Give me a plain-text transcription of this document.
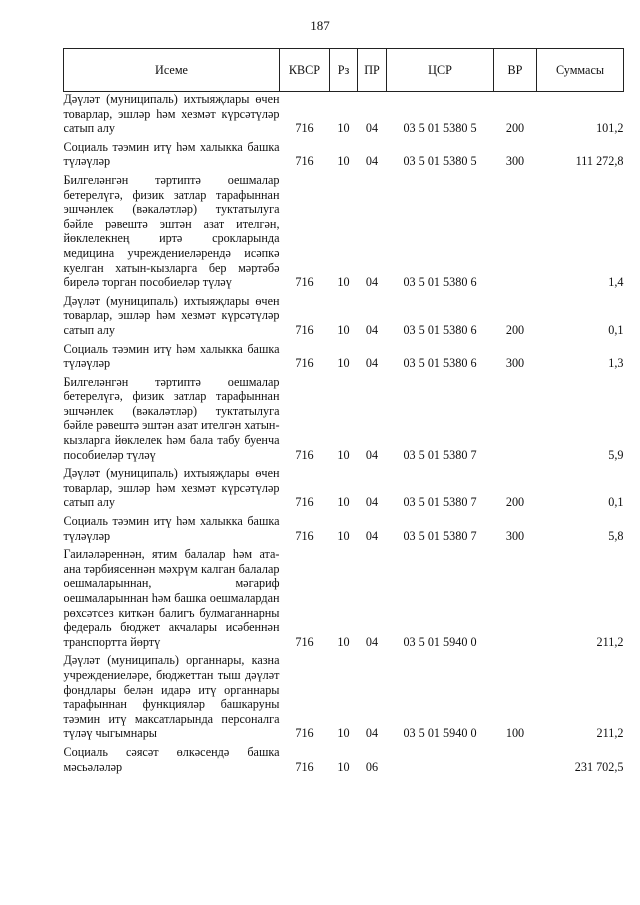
187
Исеме	КВСР	Рз	ПР	ЦСР	ВР	Суммасы
Дәүләт (муниципаль) ихтыяҗлары өчен товарлар, эшләр һәм хезмәт күрсәтүләр сатып алу	716	10	04	03 5 01 5380 5	200	101,2
Социаль тәэмин итү һәм халыкка башка түләүләр	716	10	04	03 5 01 5380 5	300	111 272,8
Билгеләнгән тәртиптә оешмалар бетерелүгә, физик затлар тарафыннан эшчәнлек (вәкаләтләр) туктатылуга бәйле рәвештә эштән азат ителгән, йөклелекнең иртә срокларында медицина учреждениеләрендә исәпкә куелган хатын-кызларга бер мәртәбә бирелә торган пособиеләр түләү	716	10	04	03 5 01 5380 6		1,4
Дәүләт (муниципаль) ихтыяҗлары өчен товарлар, эшләр һәм хезмәт күрсәтүләр сатып алу	716	10	04	03 5 01 5380 6	200	0,1
Социаль тәэмин итү һәм халыкка башка түләүләр	716	10	04	03 5 01 5380 6	300	1,3
Билгеләнгән тәртиптә оешмалар бетерелүгә, физик затлар тарафыннан эшчәнлек (вәкаләтләр) туктатылуга бәйле рәвештә эштән азат ителгән хатын-кызларга йөклелек һәм бала табу буенча пособиеләр түләү	716	10	04	03 5 01 5380 7		5,9
Дәүләт (муниципаль) ихтыяҗлары өчен товарлар, эшләр һәм хезмәт күрсәтүләр сатып алу	716	10	04	03 5 01 5380 7	200	0,1
Социаль тәэмин итү һәм халыкка башка түләүләр	716	10	04	03 5 01 5380 7	300	5,8
Гаиләләреннән, ятим балалар һәм ата-ана тәрбиясеннән мәхрүм калган балалар оешмаларыннан, мәгариф оешмаларыннан һәм башка оешмалардан рөхсәтсез киткән балигъ булмаганнарны федераль бюджет акчалары исәбеннән транспортта йөртү	716	10	04	03 5 01 5940 0		211,2
Дәүләт (муниципаль) органнары, казна учреждениеләре, бюджеттан тыш дәүләт фондлары белән идарә итү органнары тарафыннан функцияләр башкаруны тәэмин итү максатларында персоналга түләү чыгымнары	716	10	04	03 5 01 5940 0	100	211,2
Социаль сәясәт өлкәсендә башка мәсьәләләр	716	10	06			231 702,5
